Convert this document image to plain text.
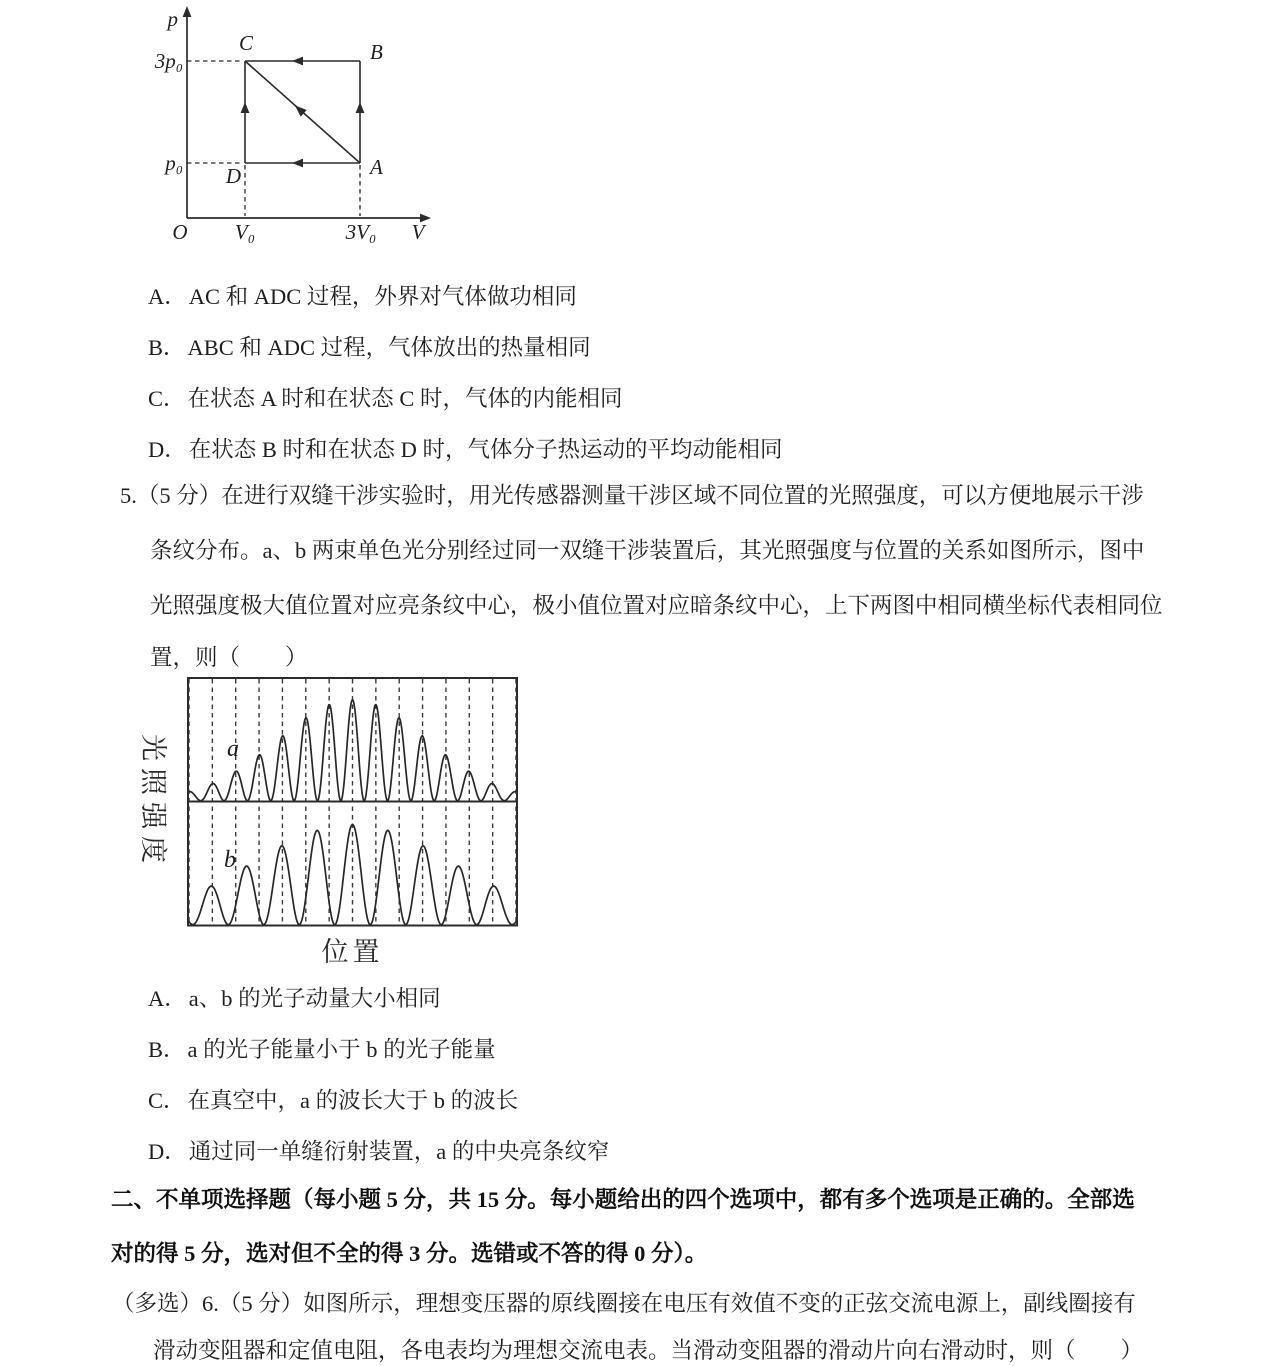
p
3p₀
p₀
O V₀	3V₀ V
C	B
A
D
A．AC 和 ADC 过程，外界对气体做功相同
B．ABC 和 ADC 过程，气体放出的热量相同
C．在状态 A 时和在状态 C 时，气体的内能相同
D．在状态 B 时和在状态 D 时，气体分子热运动的平均动能相同
5.（5 分）在进行双缝干涉实验时，用光传感器测量干涉区域不同位置的光照强度，可以方便地展示干涉
条纹分布。a、b 两束单色光分别经过同一双缝干涉装置后，其光照强度与位置的关系如图所示，图中
光照强度极大值位置对应亮条纹中心，极小值位置对应暗条纹中心，上下两图中相同横坐标代表相同位
置，则（　　）
a
b
光照强度
位置
A．a、b 的光子动量大小相同
B．a 的光子能量小于 b 的光子能量
C．在真空中，a 的波长大于 b 的波长
D．通过同一单缝衍射装置，a 的中央亮条纹窄
二、不单项选择题（每小题 5 分，共 15 分。每小题给出的四个选项中，都有多个选项是正确的。全部选
对的得 5 分，选对但不全的得 3 分。选错或不答的得 0 分）。
（多选）6.（5 分）如图所示，理想变压器的原线圈接在电压有效值不变的正弦交流电源上，副线圈接有
滑动变阻器和定值电阻，各电表均为理想交流电表。当滑动变阻器的滑动片向右滑动时，则（　　）
